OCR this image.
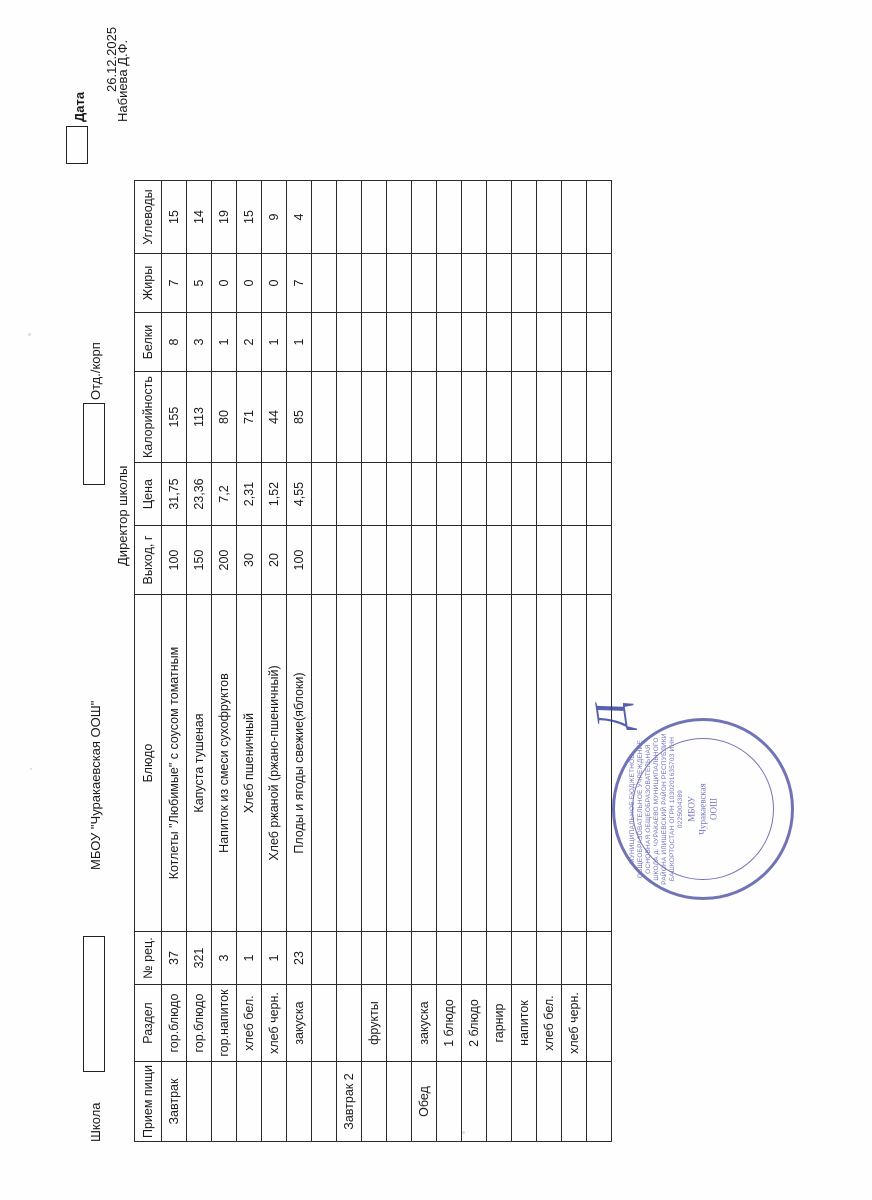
Школа
МБОУ "Чуракаевская ООШ"
Отд./корп
Дата
26.12.2025
Директор школы
Набиева Д.Ф.
Прием пищи	Раздел	№ рец.	Блюдо	Выход, г	Цена	Калорийность	Белки	Жиры	Углеводы
Завтрак	гор.блюдо	37	Котлеты "Любимые" с соусом томатным	100	31,75	155	8	7	15
	гор.блюдо	321	Капуста тушеная	150	23,36	113	3	5	14
	гор.напиток	3	Напиток из смеси сухофруктов	200	7,2	80	1	0	19
	хлеб бел.	1	Хлеб пшеничный	30	2,31	71	2	0	15
	хлеб черн.	1	Хлеб ржаной (ржано-пшеничный)	20	1,52	44	1	0	9
	закуска	23	Плоды и ягоды свежие(яблоки)	100	4,55	85	1	7	4

Завтрак 2									
	фрукты								

Обед	закуска								
	1 блюдо								
	2 блюдо								
	гарнир								
	напиток								
	хлеб бел.								
	хлеб черн.								

МУНИЦИПАЛЬНОЕ БЮДЖЕТНОЕ ОБЩЕОБРАЗОВАТЕЛЬНОЕ УЧРЕЖДЕНИЕ ОСНОВНАЯ ОБЩЕОБРАЗОВАТЕЛЬНАЯ ШКОЛА д. ЧУРАКАЕВО МУНИЦИПАЛЬНОГО РАЙОНА ИЛИШЕВСКИЙ РАЙОН РЕСПУБЛИКИ БАШКОРТОСТАН ОГРН 1030201635703 ИНН 0225004389 МБОУ
Чуракаевская
ООШ
Д
